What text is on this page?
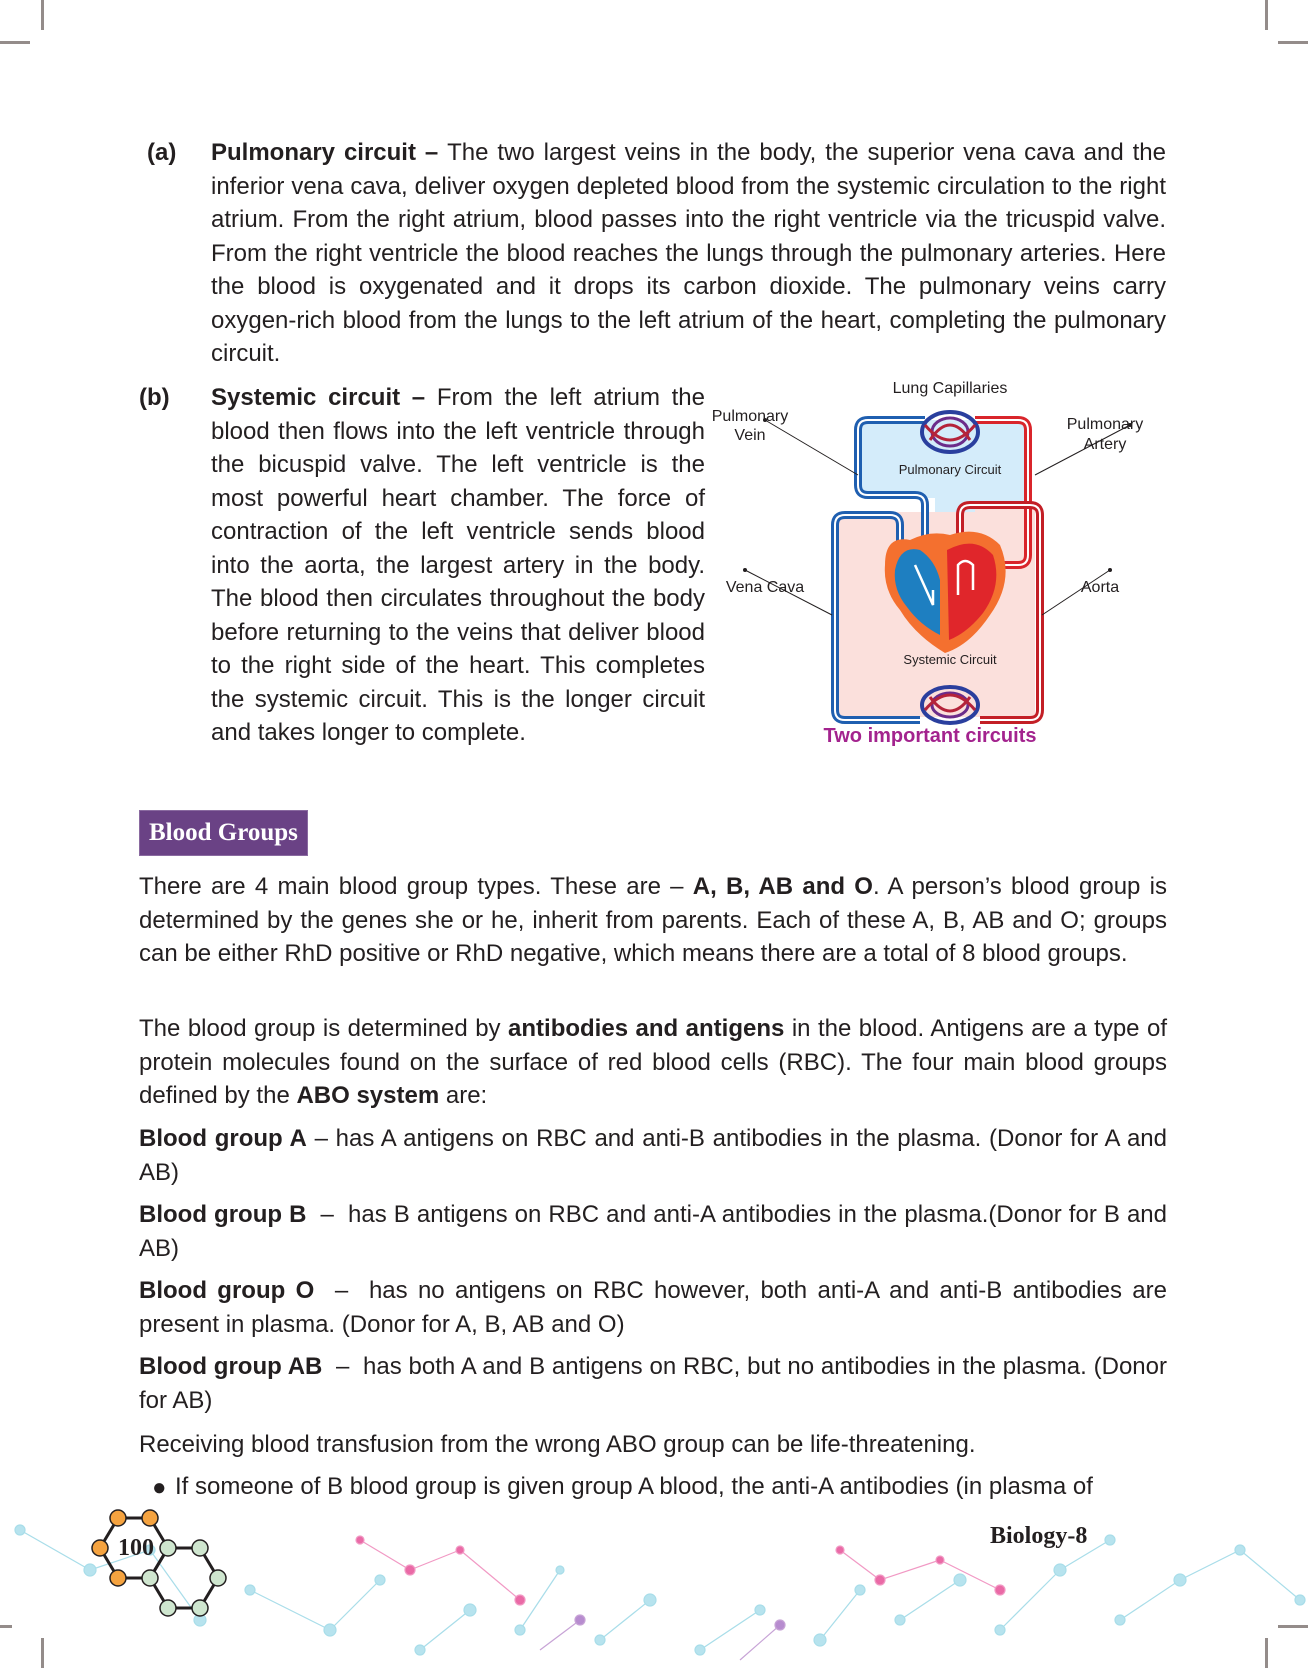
(a) Pulmonary circuit – The two largest veins in the body, the superior vena cava and the inferior vena cava, deliver oxygen depleted blood from the systemic circulation to the right atrium. From the right atrium, blood passes into the right ventricle via the tricuspid valve. From the right ventricle the blood reaches the lungs through the pulmonary arteries. Here the blood is oxygenated and it drops its carbon dioxide. The pulmonary veins carry oxygen-rich blood from the lungs to the left atrium of the heart, completing the pulmonary circuit.
(b) Systemic circuit – From the left atrium the blood then flows into the left ventricle through the bicuspid valve. The left ventricle is the most powerful heart chamber. The force of contraction of the left ventricle sends blood into the aorta, the largest artery in the body. The blood then circulates throughout the body before returning to the veins that deliver blood to the right side of the heart. This completes the systemic circuit. This is the longer circuit and takes longer to complete.
Lung Capillaries
Pulmonary
Vein
Pulmonary
Artery
Pulmonary Circuit
Vena Cava	Aorta
Systemic Circuit
Two important circuits
Blood Groups
There are 4 main blood group types. These are – A, B, AB and O. A person’s blood group is determined by the genes she or he, inherit from parents. Each of these A, B, AB and O; groups can be either RhD positive or RhD negative, which means there are a total of 8 blood groups.
The blood group is determined by antibodies and antigens in the blood. Antigens are a type of protein molecules found on the surface of red blood cells (RBC). The four main blood groups defined by the ABO system are:
Blood group A – has A antigens on RBC and anti-B antibodies in the plasma. (Donor for A and AB)
Blood group B  –  has B antigens on RBC and anti-A antibodies in the plasma.(Donor for B and AB)
Blood group O  –  has no antigens on RBC however, both anti-A and anti-B antibodies are present in plasma. (Donor for A, B, AB and O)
Blood group AB  –  has both A and B antigens on RBC, but no antibodies in the plasma. (Donor for AB)
Receiving blood transfusion from the wrong ABO group can be life-threatening.
● If someone of B blood group is given group A blood, the anti-A antibodies (in plasma of
100	Biology-8
